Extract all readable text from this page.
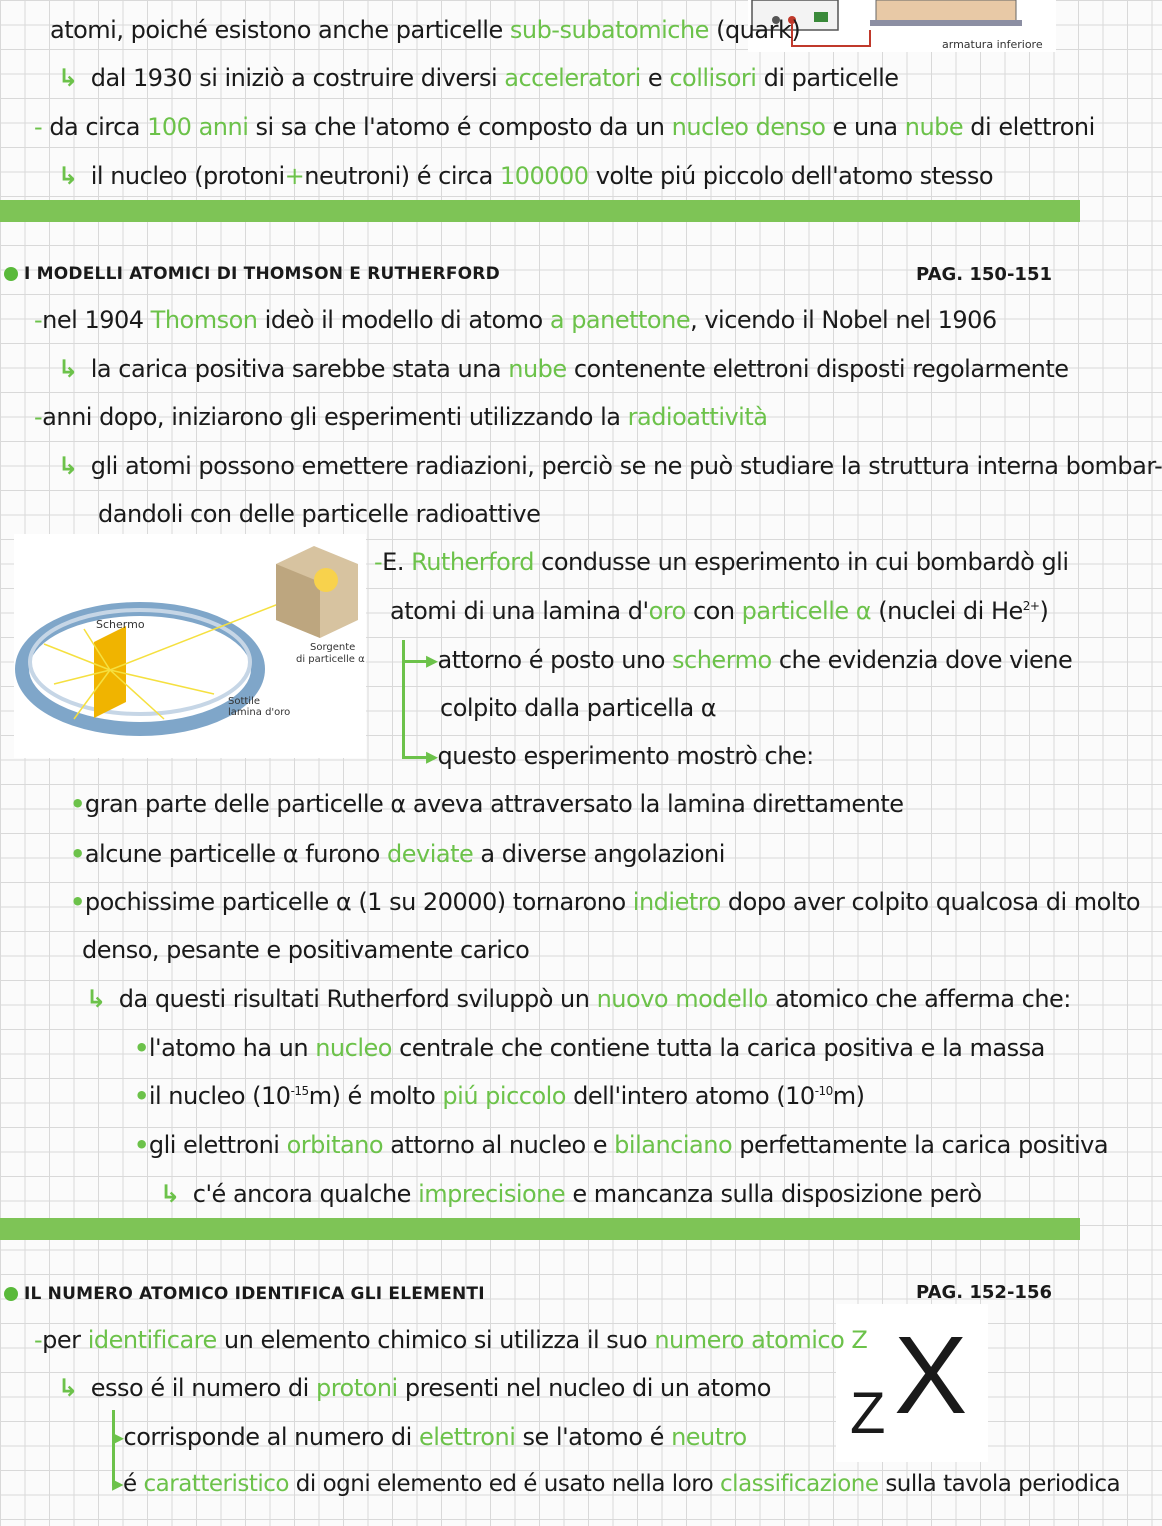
armatura inferiore
atomi, poiché esistono anche particelle sub-subatomiche (quark)
↳ dal 1930 si iniziò a costruire diversi acceleratori e collisori di particelle
- da circa 100 anni si sa che l'atomo é composto da un nucleo denso e una nube di elettroni
↳ il nucleo (protoni+neutroni) é circa 100000 volte piú piccolo dell'atomo stesso
I MODELLI ATOMICI DI THOMSON E RUTHERFORD	PAG. 150-151
-nel 1904 Thomson ideò il modello di atomo a panettone, vicendo il Nobel nel 1906
↳ la carica positiva sarebbe stata una nube contenente elettroni disposti regolarmente
-anni dopo, iniziarono gli esperimenti utilizzando la radioattività
↳ gli atomi possono emettere radiazioni, perciò se ne può studiare la struttura interna bombar-
dandoli con delle particelle radioattive
Schermo
Sorgente
di particelle α
Sottile
lamina d'oro
-E. Rutherford condusse un esperimento in cui bombardò gli
atomi di una lamina d'oro con particelle α (nuclei di $He^{2+}$)
▸attorno é posto uno schermo che evidenzia dove viene
colpito dalla particella α
▸questo esperimento mostrò che:
•gran parte delle particelle α aveva attraversato la lamina direttamente
•alcune particelle α furono deviate a diverse angolazioni
•pochissime particelle α (1 su 20000) tornarono indietro dopo aver colpito qualcosa di molto
denso, pesante e positivamente carico
↳ da questi risultati Rutherford sviluppò un nuovo modello atomico che afferma che:
•l'atomo ha un nucleo centrale che contiene tutta la carica positiva e la massa
•il nucleo $(10^{-15}m)$ é molto piú piccolo dell'intero atomo $(10^{-10}m)$
•gli elettroni orbitano attorno al nucleo e bilanciano perfettamente la carica positiva
↳ c'é ancora qualche imprecisione e mancanza sulla disposizione però
IL NUMERO ATOMICO IDENTIFICA GLI ELEMENTI	PAG. 152-156
Z X
-per identificare un elemento chimico si utilizza il suo numero atomico Z
↳ esso é il numero di protoni presenti nel nucleo di un atomo
▸corrisponde al numero di elettroni se l'atomo é neutro
▸é caratteristico di ogni elemento ed é usato nella loro classificazione sulla tavola periodica
